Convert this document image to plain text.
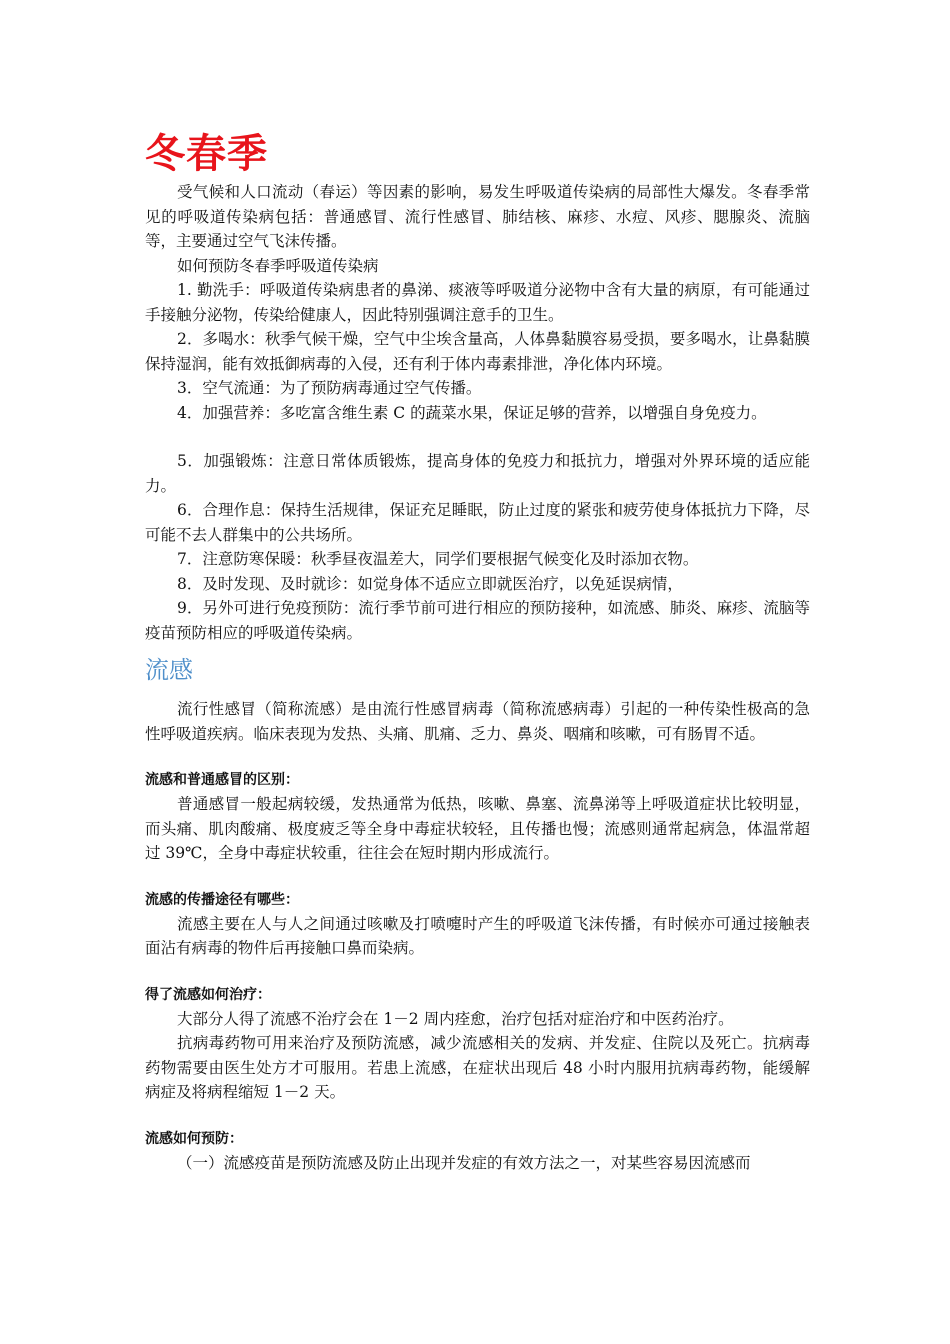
冬春季

受气候和人口流动（春运）等因素的影响，易发生呼吸道传染病的局部性大爆发。冬春季常见的呼吸道传染病包括：普通感冒、流行性感冒、肺结核、麻疹、水痘、风疹、腮腺炎、流脑等，主要通过空气飞沫传播。

如何预防冬春季呼吸道传染病

1. 勤洗手：呼吸道传染病患者的鼻涕、痰液等呼吸道分泌物中含有大量的病原，有可能通过手接触分泌物，传染给健康人，因此特别强调注意手的卫生。

2．多喝水：秋季气候干燥，空气中尘埃含量高，人体鼻黏膜容易受损，要多喝水，让鼻黏膜保持湿润，能有效抵御病毒的入侵，还有利于体内毒素排泄，净化体内环境。

3．空气流通：为了预防病毒通过空气传播。

4．加强营养：多吃富含维生素 C 的蔬菜水果，保证足够的营养，以增强自身免疫力。

5．加强锻炼：注意日常体质锻炼，提高身体的免疫力和抵抗力，增强对外界环境的适应能力。

6．合理作息：保持生活规律，保证充足睡眠，防止过度的紧张和疲劳使身体抵抗力下降，尽可能不去人群集中的公共场所。

7．注意防寒保暖：秋季昼夜温差大，同学们要根据气候变化及时添加衣物。

8．及时发现、及时就诊：如觉身体不适应立即就医治疗，以免延误病情，

9．另外可进行免疫预防：流行季节前可进行相应的预防接种，如流感、肺炎、麻疹、流脑等疫苗预防相应的呼吸道传染病。

流感

流行性感冒（简称流感）是由流行性感冒病毒（简称流感病毒）引起的一种传染性极高的急性呼吸道疾病。临床表现为发热、头痛、肌痛、乏力、鼻炎、咽痛和咳嗽，可有肠胃不适。

流感和普通感冒的区别：

普通感冒一般起病较缓，发热通常为低热，咳嗽、鼻塞、流鼻涕等上呼吸道症状比较明显，而头痛、肌肉酸痛、极度疲乏等全身中毒症状较轻，且传播也慢；流感则通常起病急，体温常超过 39℃，全身中毒症状较重，往往会在短时期内形成流行。

流感的传播途径有哪些：

流感主要在人与人之间通过咳嗽及打喷嚏时产生的呼吸道飞沫传播，有时候亦可通过接触表面沾有病毒的物件后再接触口鼻而染病。

得了流感如何治疗：

大部分人得了流感不治疗会在 1－2 周内痊愈，治疗包括对症治疗和中医药治疗。

抗病毒药物可用来治疗及预防流感，减少流感相关的发病、并发症、住院以及死亡。抗病毒药物需要由医生处方才可服用。若患上流感，在症状出现后 48 小时内服用抗病毒药物，能缓解病症及将病程缩短 1－2 天。

流感如何预防：

（一）流感疫苗是预防流感及防止出现并发症的有效方法之一，对某些容易因流感而
